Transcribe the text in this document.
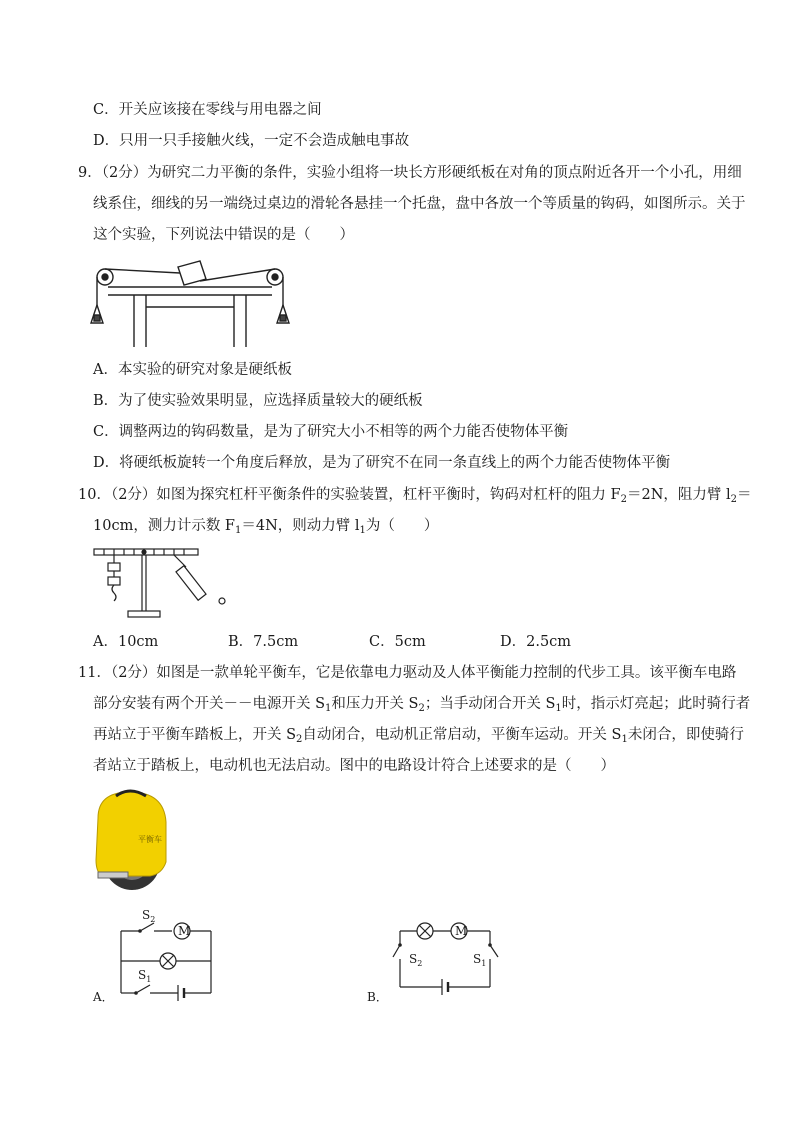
C．开关应该接在零线与用电器之间
D．只用一只手接触火线，一定不会造成触电事故
9．（2分）为研究二力平衡的条件，实验小组将一块长方形硬纸板在对角的顶点附近各开一个小孔，用细
线系住，细线的另一端绕过桌边的滑轮各悬挂一个托盘，盘中各放一个等质量的钩码，如图所示。关于
这个实验，下列说法中错误的是（　　）
A．本实验的研究对象是硬纸板
B．为了使实验效果明显，应选择质量较大的硬纸板
C．调整两边的钩码数量，是为了研究大小不相等的两个力能否使物体平衡
D．将硬纸板旋转一个角度后释放，是为了研究不在同一条直线上的两个力能否使物体平衡
10．（2分）如图为探究杠杆平衡条件的实验装置，杠杆平衡时，钩码对杠杆的阻力 $F_2=2N$，阻力臂 $l_2=$
10cm，测力计示数 $F_1=4N$，则动力臂 $l_1$为（　　）
A．10cm	B．7.5cm	C．5cm	D．2.5cm
11．（2分）如图是一款单轮平衡车，它是依靠电力驱动及人体平衡能力控制的代步工具。该平衡车电路
部分安装有两个开关－－电源开关 $S_1$和压力开关 $S_2$；当手动闭合开关 $S_1$时，指示灯亮起；此时骑行者
再站立于平衡车踏板上，开关 $S_2$自动闭合，电动机正常启动，平衡车运动。开关 $S_1$未闭合，即使骑行
者站立于踏板上，电动机也无法启动。图中的电路设计符合上述要求的是（　　）
平衡车
$S_2$
M
$S_1$
A．
M
$S_2$	$S_1$
B．
